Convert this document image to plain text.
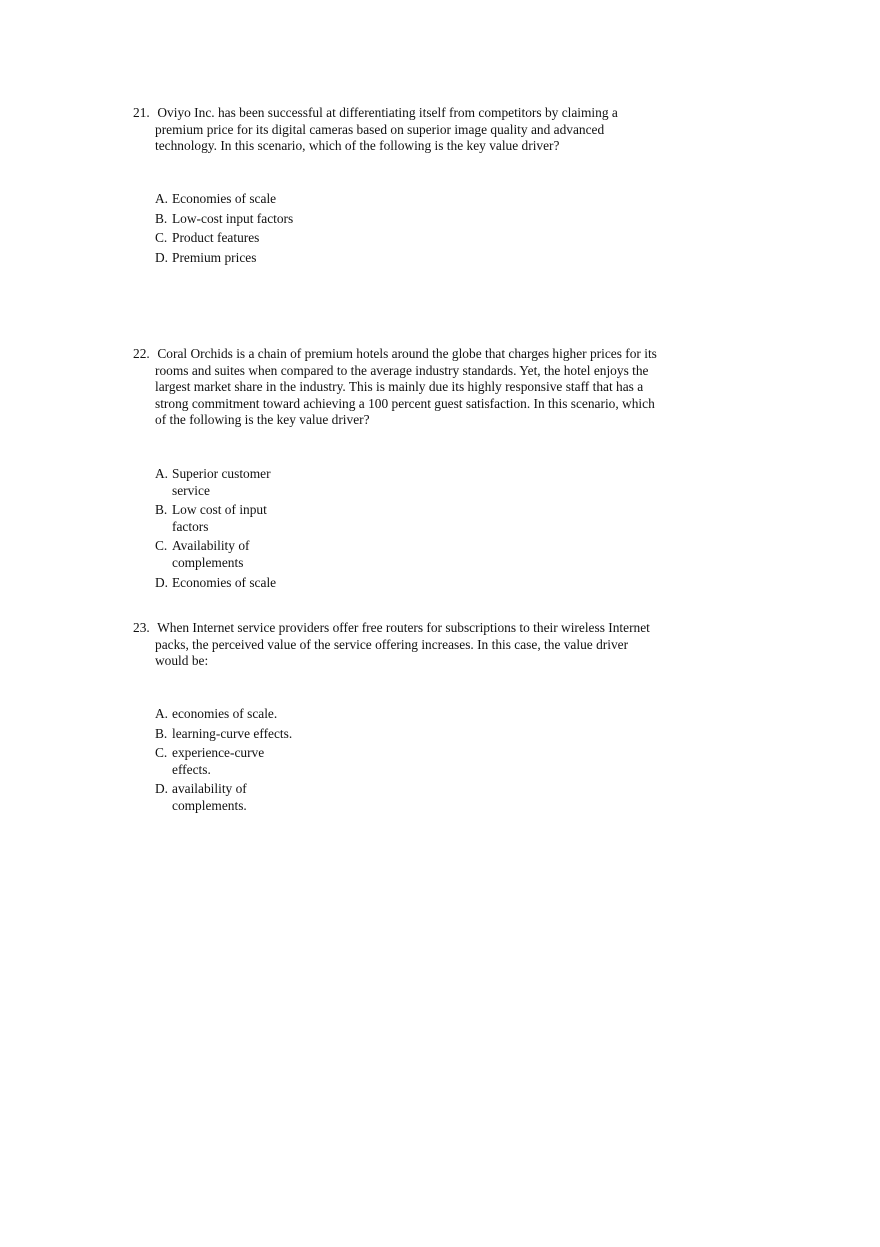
21. Oviyo Inc. has been successful at differentiating itself from competitors by claiming a premium price for its digital cameras based on superior image quality and advanced technology. In this scenario, which of the following is the key value driver?
A. Economies of scale
B. Low-cost input factors
C. Product features
D. Premium prices
22. Coral Orchids is a chain of premium hotels around the globe that charges higher prices for its rooms and suites when compared to the average industry standards. Yet, the hotel enjoys the largest market share in the industry. This is mainly due its highly responsive staff that has a strong commitment toward achieving a 100 percent guest satisfaction. In this scenario, which of the following is the key value driver?
A. Superior customer service
B. Low cost of input factors
C. Availability of complements
D. Economies of scale
23. When Internet service providers offer free routers for subscriptions to their wireless Internet packs, the perceived value of the service offering increases. In this case, the value driver would be:
A. economies of scale.
B. learning-curve effects.
C. experience-curve effects.
D. availability of complements.
